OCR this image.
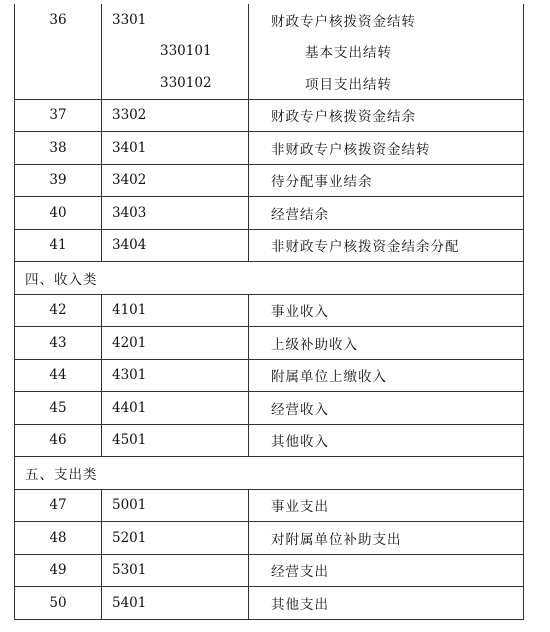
36	3301	财政专户核拨资金结转
	330101	基本支出结转
	330102	项目支出结转
37	3302	财政专户核拨资金结余
38	3401	非财政专户核拨资金结转
39	3402	待分配事业结余
40	3403	经营结余
41	3404	非财政专户核拨资金结余分配
四、收入类		
42	4101	事业收入
43	4201	上级补助收入
44	4301	附属单位上缴收入
45	4401	经营收入
46	4501	其他收入
五、支出类		
47	5001	事业支出
48	5201	对附属单位补助支出
49	5301	经营支出
50	5401	其他支出
